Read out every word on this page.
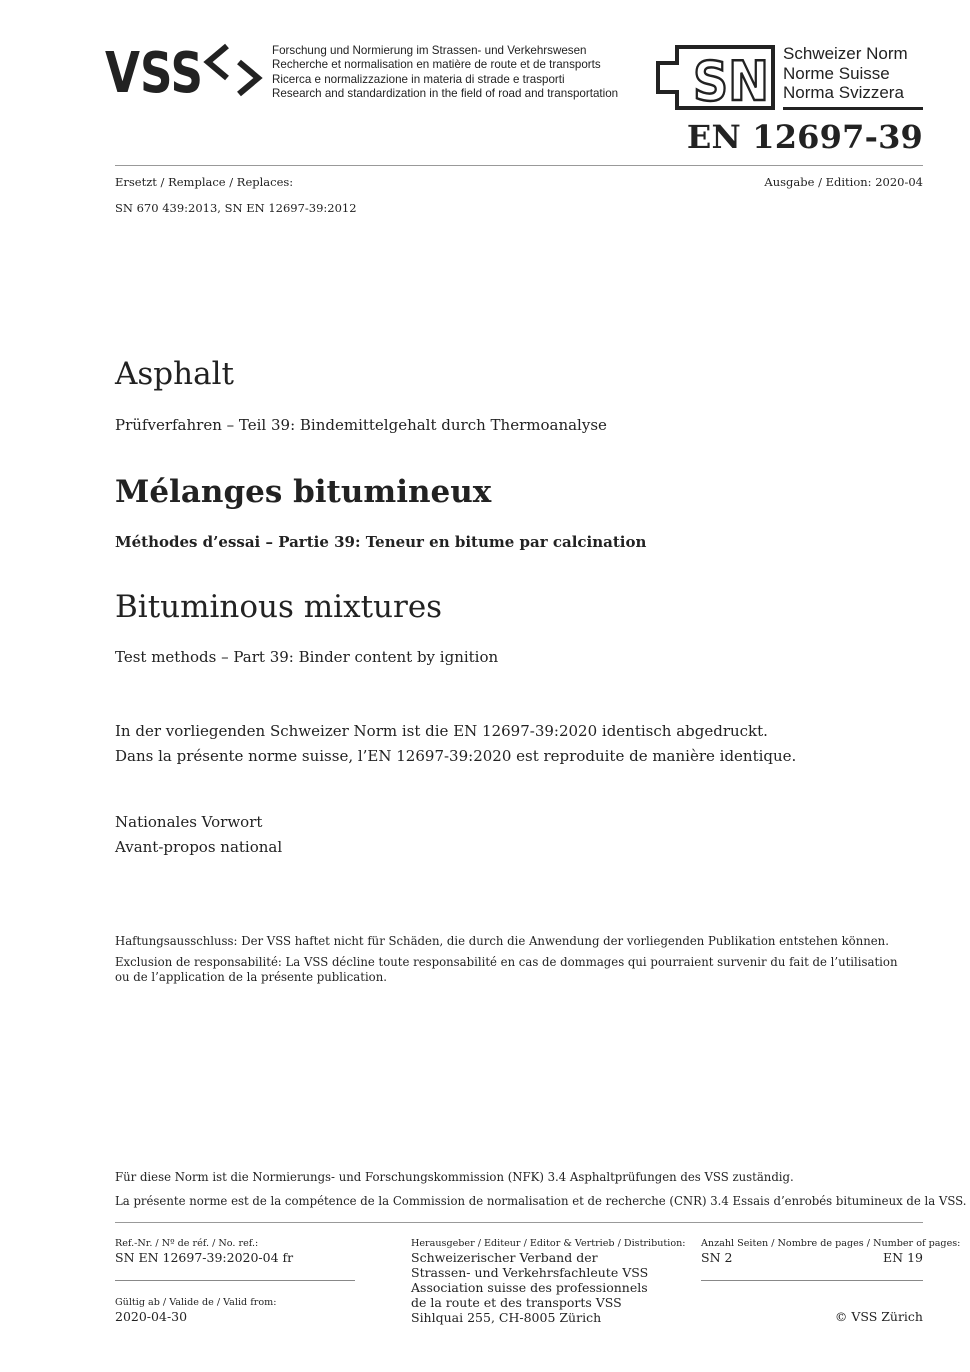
VSS	Forschung und Normierung im Strassen- und Verkehrswesen
Recherche et normalisation en matière de route et de transports
Ricerca e normalizzazione in materia di strade e trasporti
Research and standardization in the field of road and transportation SN Schweizer Norm
Norme Suisse
Norma Svizzera
EN 12697-39
Ersetzt / Remplace / Replaces:	Ausgabe / Edition: 2020-04
SN 670 439:2013, SN EN 12697-39:2012
Asphalt
Prüfverfahren – Teil 39: Bindemittelgehalt durch Thermoanalyse
Mélanges bitumineux
Méthodes d’essai – Partie 39: Teneur en bitume par calcination
Bituminous mixtures
Test methods – Part 39: Binder content by ignition
In der vorliegenden Schweizer Norm ist die EN 12697-39:2020 identisch abgedruckt.
Dans la présente norme suisse, l’EN 12697-39:2020 est reproduite de manière identique.
Nationales Vorwort
Avant-propos national
Haftungsausschluss: Der VSS haftet nicht für Schäden, die durch die Anwendung der vorliegenden Publikation entstehen können.
Exclusion de responsabilité: La VSS décline toute responsabilité en cas de dommages qui pourraient survenir du fait de l’utilisation
ou de l’application de la présente publication.
Für diese Norm ist die Normierungs- und Forschungskommission (NFK) 3.4 Asphaltprüfungen des VSS zuständig.
La présente norme est de la compétence de la Commission de normalisation et de recherche (CNR) 3.4 Essais d’enrobés bitumineux de la VSS.
Ref.-Nr. / Nº de réf. / No. ref.:
SN EN 12697-39:2020-04 fr
Gültig ab / Valide de / Valid from:
2020-04-30
Herausgeber / Editeur / Editor & Vertrieb / Distribution:
Schweizerischer Verband der
Strassen- und Verkehrsfachleute VSS
Association suisse des professionnels
de la route et des transports VSS
Sihlquai 255, CH-8005 Zürich
Anzahl Seiten / Nombre de pages / Number of pages:
SN 2	EN 19
© VSS Zürich
